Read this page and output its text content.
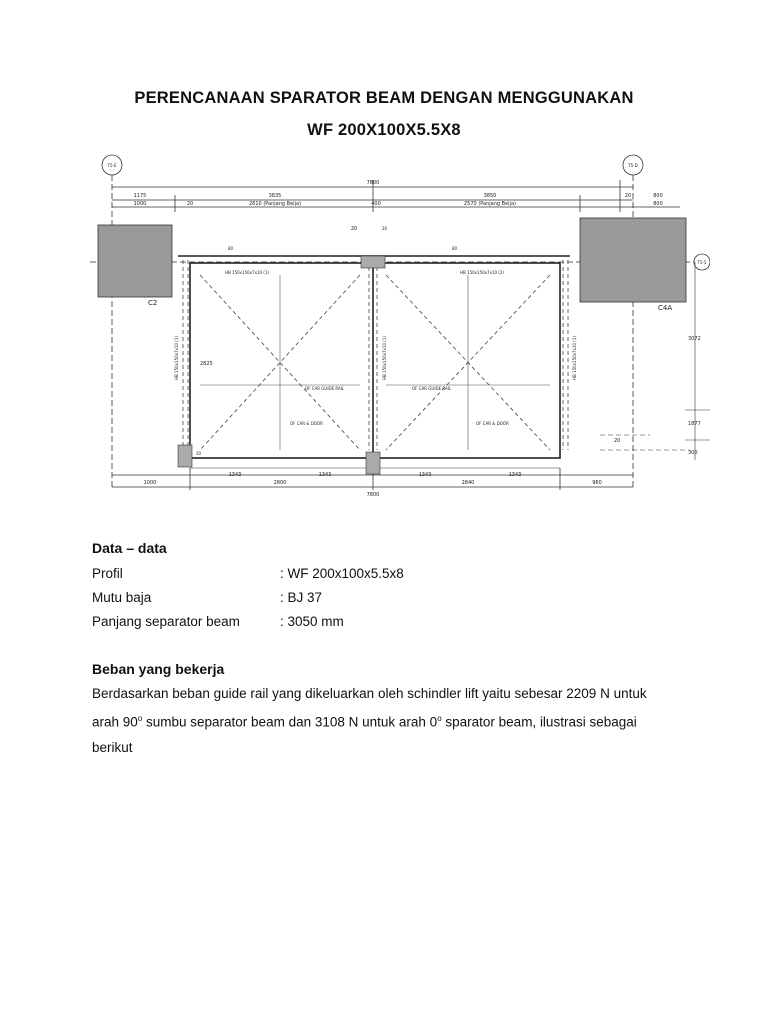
PERENCANAAN SPARATOR BEAM DENGAN MENGGUNAKAN
WF 200X100X5.5X8
7800
3835	3850
1175
1000
800
800
20
20
400
20
2810 (Panjang Beija)	2570 (Panjang Beija)
1000	2800	2840	960
7800
1343	1343	1343	1343
3072
1877
300
20
2825
C2
C4A
T5-E	T5-D
T5-5
HB 150x150x7x10 (1)	HB 150x150x7x10 (2)
OF CAR GUIDE RAIL	OF CAR GUIDE RAIL
OF CAR & DOOR	OF CAR & DOOR
80	80
20
20
HB 150x150x7x10 (1)	HB 150x150x7x10 (1)	HB 150x150x7x10 (1)
Data – data
Profil	: WF 200x100x5.5x8
Mutu baja	: BJ 37
Panjang separator beam	: 3050 mm
Beban yang bekerja
Berdasarkan beban guide rail yang dikeluarkan oleh schindler lift yaitu sebesar 2209 N untuk
arah 90$^o$ sumbu separator beam dan 3108 N untuk arah 0$^o$ sparator beam, ilustrasi sebagai
berikut
